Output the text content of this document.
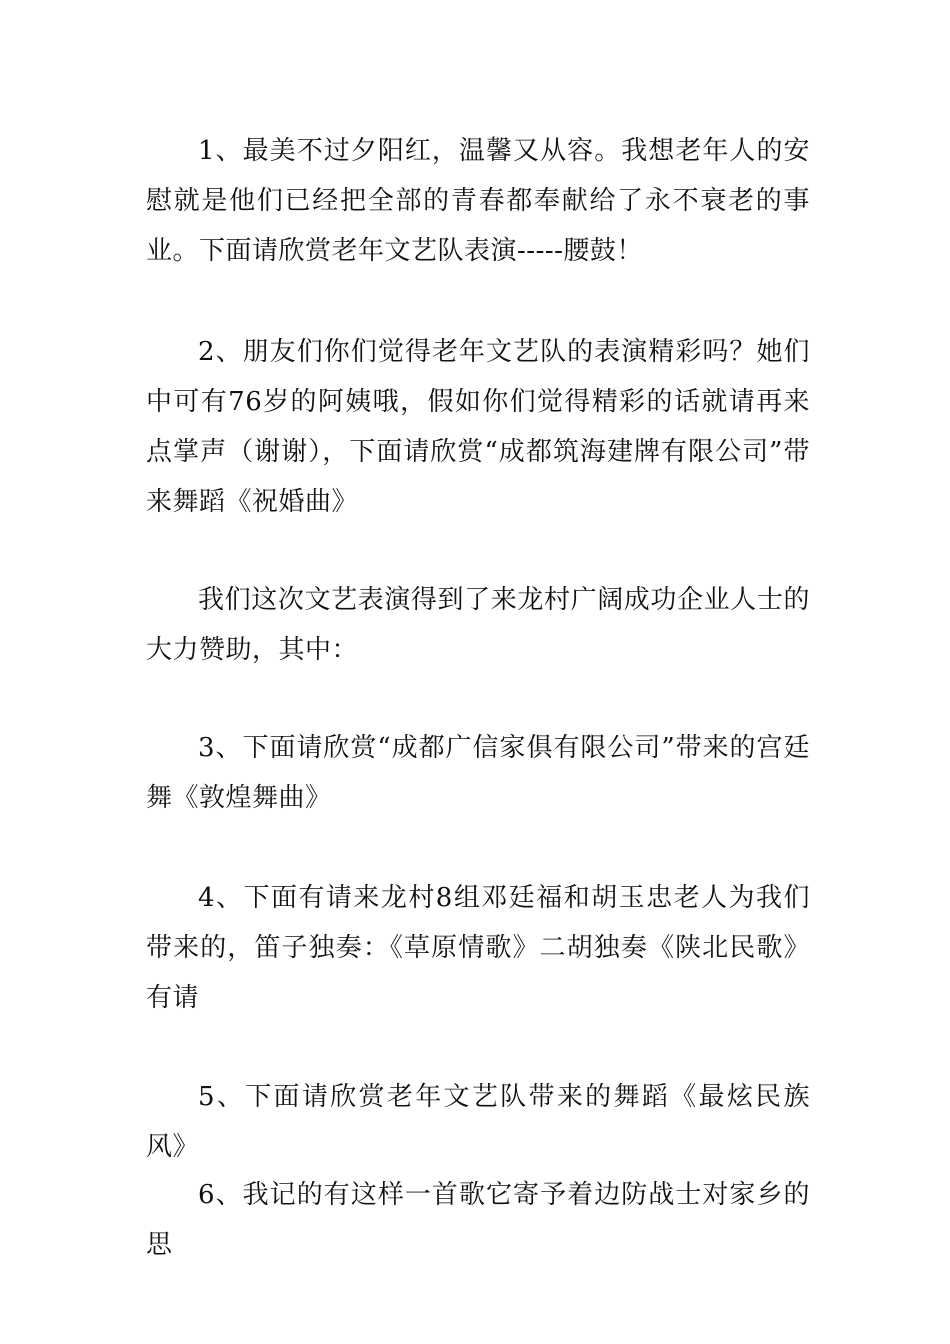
1、最美不过夕阳红，温馨又从容。我想老年人的安慰就是他们已经把全部的青春都奉献给了永不衰老的事业。下面请欣赏老年文艺队表演-----腰鼓！

2、朋友们你们觉得老年文艺队的表演精彩吗？她们中可有76岁的阿姨哦，假如你们觉得精彩的话就请再来点掌声（谢谢），下面请欣赏“成都筑海建牌有限公司”带来舞蹈《祝婚曲》

我们这次文艺表演得到了来龙村广阔成功企业人士的大力赞助，其中：

3、下面请欣赏“成都广信家俱有限公司”带来的宫廷舞《敦煌舞曲》

4、下面有请来龙村8组邓廷福和胡玉忠老人为我们带来的，笛子独奏：《草原情歌》二胡独奏《陕北民歌》有请

5、下面请欣赏老年文艺队带来的舞蹈《最炫民族风》

6、我记的有这样一首歌它寄予着边防战士对家乡的思
